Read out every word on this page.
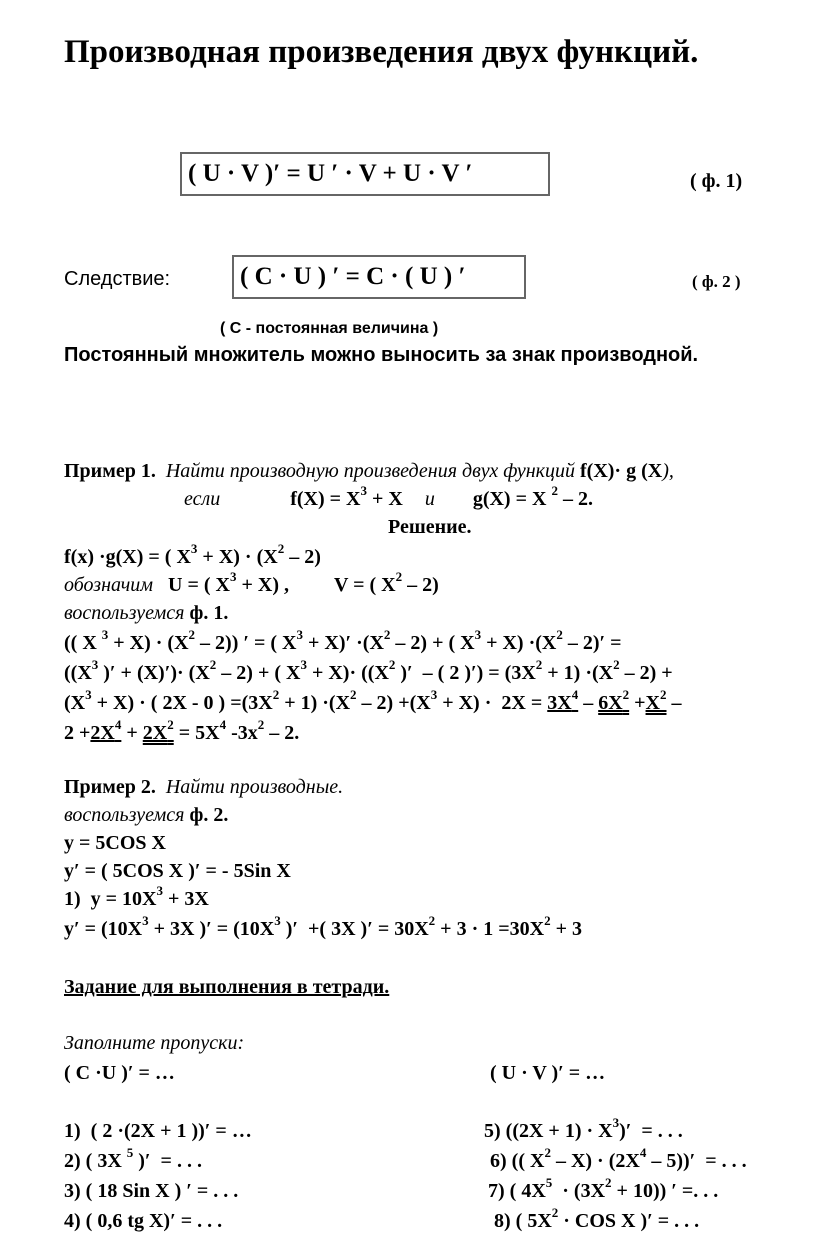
Производная произведения двух функций.
( U · V )′ = U ′ · V + U · V ′	( ф. 1)
Следствие:	( C · U ) ′ = C · ( U ) ′	( ф. 2 )
( С - постоянная величина )
Постоянный множитель можно выносить за знак производной.
Пример 1. Найти производную произведения двух функций f(X)· g (X),
если	$f(X) = X^3 + X$ и g(X) = X $^2$ – 2.
Решение.
f(x) ·g(X) = ( $X^3 + X) \cdot (X^2 - 2)$
обозначим U = ( $X^3 + X$) ,         V = ( $X^2 - 2$)
воспользуемся ф. 1.
(( X $^3 + X) \cdot (X^2 - 2)$) ′ = ( $X^3 + X)' \cdot(X^2 - 2)$ + ( $X^3 + X) \cdot(X^2 - 2)'$ =
(($X^3$ )′ + $(X)')\cdot (X^2 - 2)$ + ( $X^3 + X)\cdot ((X^2$ )′  – ( 2 )′) = $(3X^2 + 1) \cdot(X^2 - 2)$ +
$(X^3 + X)$ · ( 2X - 0 ) $=(3X^2 + 1) \cdot(X^2 - 2) +(X^3 + X) \cdot 2X = 3X^4 - 6X^2 +X^2$ –
$2 +2X^4 + 2X^2 = 5X^4$ $-3x^2 - 2$.
Пример 2. Найти производные.
воспользуемся ф. 2.
y = 5COS X
y′ = ( 5COS X )′ = - 5Sin X
1)  $y = 10X^3 + 3X$
$y' = (10X^3 + 3X$ )′ = ($10X^3$ )′  +( 3X )′ = $30X^2 + 3 \cdot 1 =30X^2 + 3$
Задание для выполнения в тетради.
Заполните пропуски:
( C ·U )′ = …	( U · V )′ = …
1)  ( 2 ·(2X + 1 ))′ = …	5) $((2X + 1) \cdot X^3)'$  = . . .
2) ( 3X $^5$ )′  = . . .	6) (( $X^2 - X) \cdot (2X^4 - 5))'$  = . . .
3) ( 18 Sin X ) ′ = . . .	7) ( $4X^5 \cdot (3X^2 + 10)$) ′ =. . .
4) ( 0,6 tg X)′ = . . .	8) ( $5X^2$ · COS X )′ = . . .
